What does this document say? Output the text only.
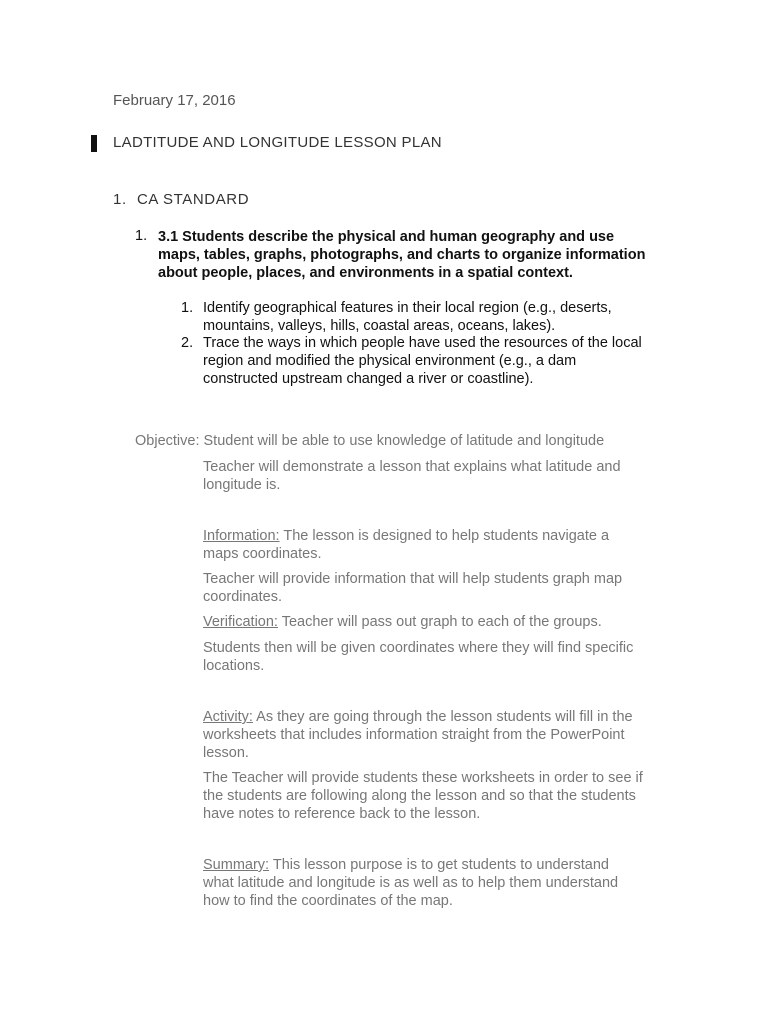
February 17, 2016
LADTITUDE AND LONGITUDE LESSON PLAN
1. CA STANDARD
1. 3.1 Students describe the physical and human geography and use maps, tables, graphs, photographs, and charts to organize information about people, places, and environments in a spatial context.
1. Identify geographical features in their local region (e.g., deserts, mountains, valleys, hills, coastal areas, oceans, lakes).
2. Trace the ways in which people have used the resources of the local region and modified the physical environment (e.g., a dam constructed upstream changed a river or coastline).
Objective: Student will be able to use knowledge of latitude and longitude
Teacher will demonstrate a lesson that explains what latitude and longitude is.
Information: The lesson is designed to help students navigate a maps coordinates.
Teacher will provide information that will help students graph map coordinates.
Verification: Teacher will pass out graph to each of the groups.
Students then will be given coordinates where they will find specific locations.
Activity: As they are going through the lesson students will fill in the worksheets that includes information straight from the PowerPoint lesson.
The Teacher will provide students these worksheets in order to see if the students are following along the lesson and so that the students have notes to reference back to the lesson.
Summary: This lesson purpose is to get students to understand what latitude and longitude is as well as to help them understand how to find the coordinates of the map.
